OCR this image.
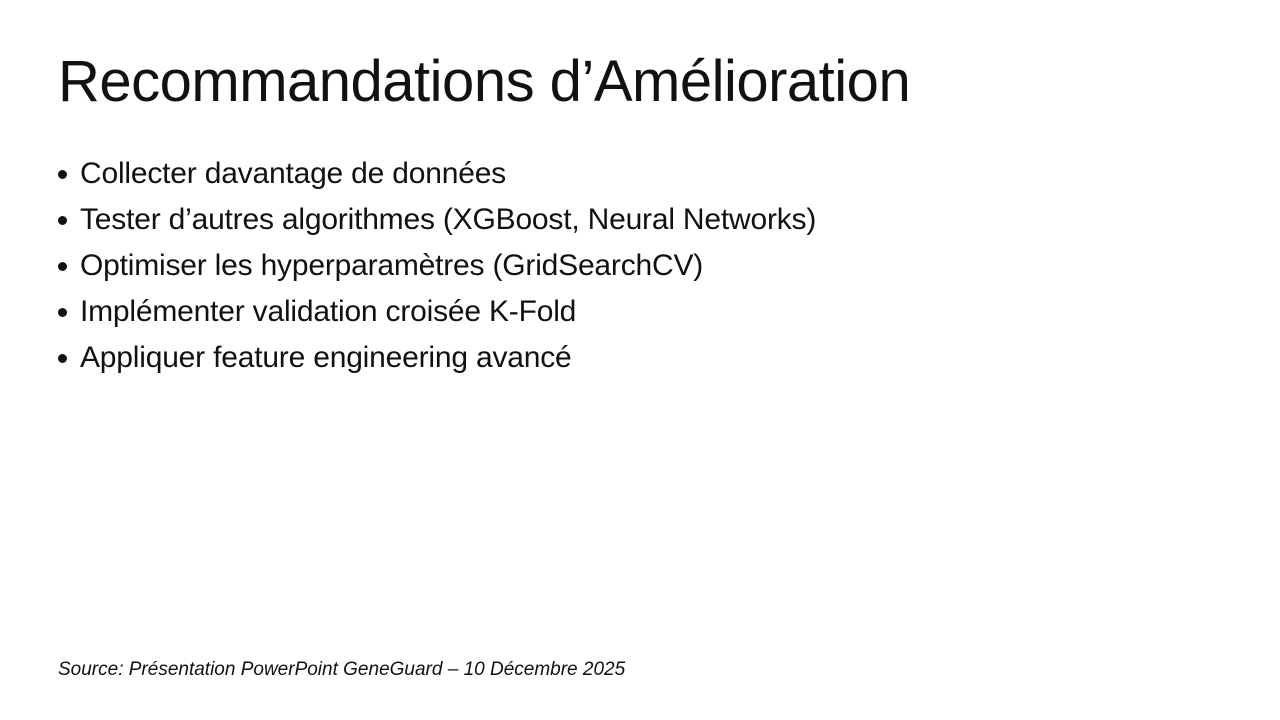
Recommandations d’Amélioration
Collecter davantage de données
Tester d’autres algorithmes (XGBoost, Neural Networks)
Optimiser les hyperparamètres (GridSearchCV)
Implémenter validation croisée K-Fold
Appliquer feature engineering avancé

Source: Présentation PowerPoint GeneGuard – 10 Décembre 2025
